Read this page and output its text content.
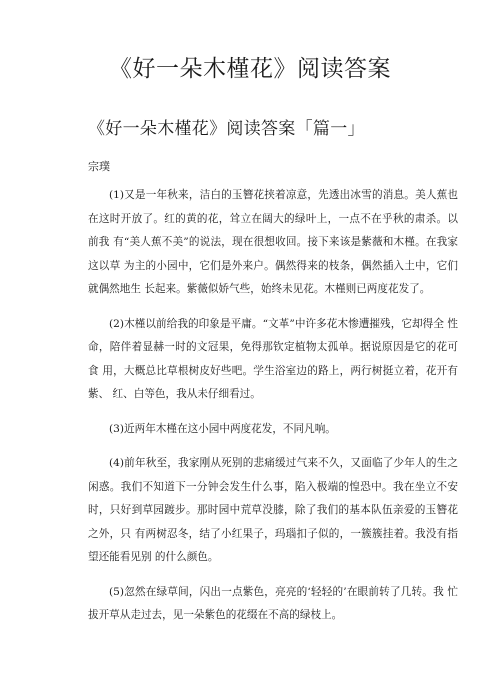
《好一朵木槿花》阅读答案
《好一朵木槿花》阅读答案「篇一」

宗璞

(1)又是一年秋来，洁白的玉簪花挟着凉意，先透出冰雪的消息。美人蕉也 在这时开放了。红的黄的花，耸立在阔大的绿叶上，一点不在乎秋的肃杀。以前我 有“美人蕉不美”的说法，现在很想收回。接下来该是紫薇和木槿。在我家这以草 为主的小园中，它们是外来户。偶然得来的枝条，偶然插入土中，它们就偶然地生 长起来。紫薇似娇气些，始终未见花。木槿则已两度花发了。

(2)木槿以前给我的印象是平庸。“文革”中许多花木惨遭摧残，它却得全 性命，陪伴着显赫一时的文冠果，免得那钦定植物太孤单。据说原因是它的花可食 用，大概总比草根树皮好些吧。学生浴室边的路上，两行树挺立着，花开有紫、 红、白等色，我从未仔细看过。

(3)近两年木槿在这小园中两度花发，不同凡响。

(4)前年秋至，我家刚从死别的悲痛缓过气来不久，又面临了少年人的生之 闲惑。我们不知道下一分钟会发生什么事，陷入极端的惶恐中。我在坐立不安时，只好到草园踱步。那时园中荒草没膝，除了我们的基本队伍亲爱的玉簪花之外，只 有两树忍冬，结了小红果子，玛瑙扣子似的，一簇簇挂着。我没有指望还能看见别 的什么颜色。

(5)忽然在绿草间，闪出一点紫色，亮亮的‘轻轻的’在眼前转了几转。我 忙拔开草从走过去，见一朵紫色的花缀在不高的绿枝上。
